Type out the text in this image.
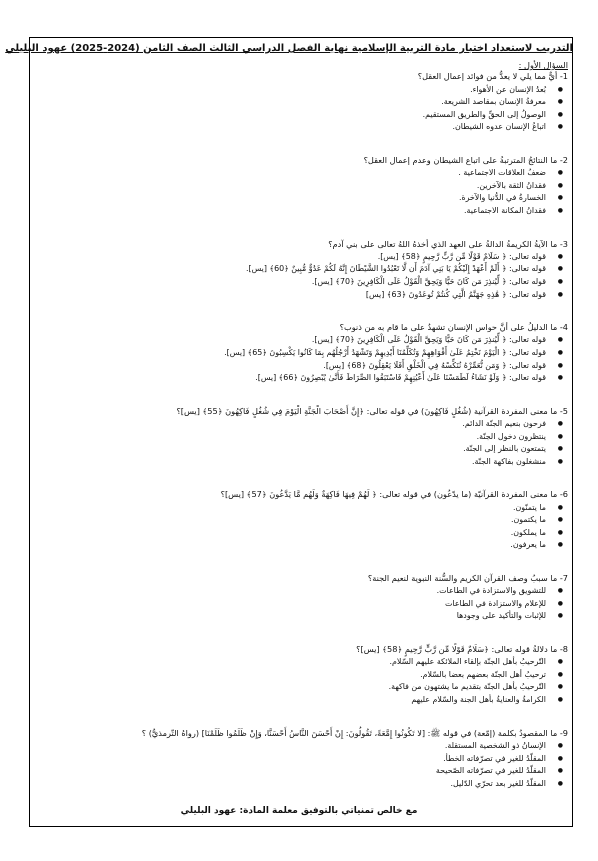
التدريب لاستعداد اختبار مادة التربية الإسلامية نهاية الفصل الدراسي الثالث الصف الثامن (2024-2025) عهود البليلي
السؤال الأول :
1- أيٌّ مما يلي لا يعدُّ من فوائد إعمال العقل؟
● بُعدُ الإنسان عن الأهواء.
● معرفةُ الإنسان بمقاصد الشريعة.
● الوصولُ إلى الحقِّ والطريق المستقيم.
● اتباعُ الإنسان عدوه الشيطان.
2- ما النتائجُ المترتبةُ على اتباع الشيطان وعدم إعمال العقل؟
● ضعفُ العلاقات الاجتماعية .
● فقدانُ الثقة بالآخرين.
● الخسارةُ في الدُّنيا والآخرة.
● فقدانُ المكانة الاجتماعية.
3- ما الآيةُ الكريمةُ الدالةُ على العهد الذي أخذهُ اللهُ تعالى على بني آدم؟
● قوله تعالى: ﴿ سَلَامٌ قَوْلًا مِّن رَّبٍّ رَّحِيمٍ ﴿58﴾ [يس].
● قوله تعالى: ﴿ أَلَمْ أَعْهَدْ إِلَيْكُمْ يَا بَنِي آدَمَ أَن لَّا تَعْبُدُوا الشَّيْطَانَ إِنَّهُ لَكُمْ عَدُوٌّ مُّبِينٌ ﴿60﴾ [يس].
● قوله تعالى: ﴿ لِّيُنذِرَ مَن كَانَ حَيًّا وَيَحِقَّ الْقَوْلُ عَلَى الْكَافِرِينَ ﴿70﴾ [يس].
● قوله تعالى: ﴿ هَٰذِهِ جَهَنَّمُ الَّتِي كُنتُمْ تُوعَدُونَ ﴿63﴾ [يس]
4- ما الدليلُ على أنَّ حواس الإنسان تشهدُ على ما قام به من ذنوب؟
● قوله تعالى: ﴿ لِّيُنذِرَ مَن كَانَ حَيًّا وَيَحِقَّ الْقَوْلُ عَلَى الْكَافِرِينَ ﴿70﴾ [يس].
● قوله تعالى: ﴿ الْيَوْمَ نَخْتِمُ عَلَىٰ أَفْوَاهِهِمْ وَتُكَلِّمُنَا أَيْدِيهِمْ وَتَشْهَدُ أَرْجُلُهُم بِمَا كَانُوا يَكْسِبُونَ ﴿65﴾ [يس].
● قوله تعالى: ﴿ وَمَن نُّعَمِّرْهُ نُنَكِّسْهُ فِي الْخَلْقِ أَفَلَا يَعْقِلُونَ ﴿68﴾ [يس].
● قوله تعالى: ﴿ وَلَوْ نَشَاءُ لَطَمَسْنَا عَلَىٰ أَعْيُنِهِمْ فَاسْتَبَقُوا الصِّرَاطَ فَأَنَّىٰ يُبْصِرُونَ ﴿66﴾ [يس].
5- ما معنى المفردة القرآنية (شُغُلٍ فَاكِهُونَ) في قوله تعالى: ﴿إِنَّ أَصْحَابَ الْجَنَّةِ الْيَوْمَ فِي شُغُلٍ فَاكِهُونَ ﴿55﴾ [يس]؟
● فرحون بنعيم الجنّة الدائم.
● ينتظرون دخول الجنّة.
● يتمتعون بالنظر إلى الجنّة.
● منشغلون بفاكهة الجنّة.
6- ما معنى المفردة القرآنيّة (ما يدّعُون) في قوله تعالى: ﴿ لَهُمْ فِيهَا فَاكِهَةٌ وَلَهُم مَّا يَدَّعُونَ ﴿57﴾ [يس]؟
● ما يتمنّون.
● ما يكتمون.
● ما يملكون.
● ما يعرفون.
7- ما سببُ وصف القرآن الكريم والسُّنة النبوية لنعيم الجنة؟
● للتشويق والاستزادة في الطاعات.
● للإعلام والاستزادة في الطاعات
● للإثبات والتأكيد على وجودها
8- ما دلالةُ قوله تعالى: ﴿سَلَامٌ قَوْلًا مِّن رَّبٍّ رَّحِيمٍ ﴿58﴾ [يس]؟
● التّرحيبُ بأهل الجنّة بإلقاء الملائكة عليهم السّلام.
● ترحيبُ أهل الجنّة بعضهم بعضا بالسّلام.
● التّرحيبُ بأهل الجنّة بتقديم ما يشتهون من فاكهة.
● الكرامةُ والعنايةُ بأهل الجنة والسّلام عليهم
9- ما المقصودُ بكلمة (إمّعة) في قوله ﷺ: [لا تَكُونُوا إِمَّعَةً، تَقُولُونَ: إِنْ أَحْسَنَ النَّاسُ أَحْسَنَّا، وَإِنْ ظَلَمُوا ظَلَمْنَا] (رواهُ التّرمذيُّ) ؟
● الإنسانُ ذو الشخصية المستقلة.
● المقلّدُ للغير في تصرّفاته الخطأ.
● المقلّدُ للغير في تصرّفاته الصّحيحة
● المقلّدُ للغير بعد تحرّي الدّليل.
مع خالص تمنياتي بالتوفيق معلمة المادة: عهود البليلي
